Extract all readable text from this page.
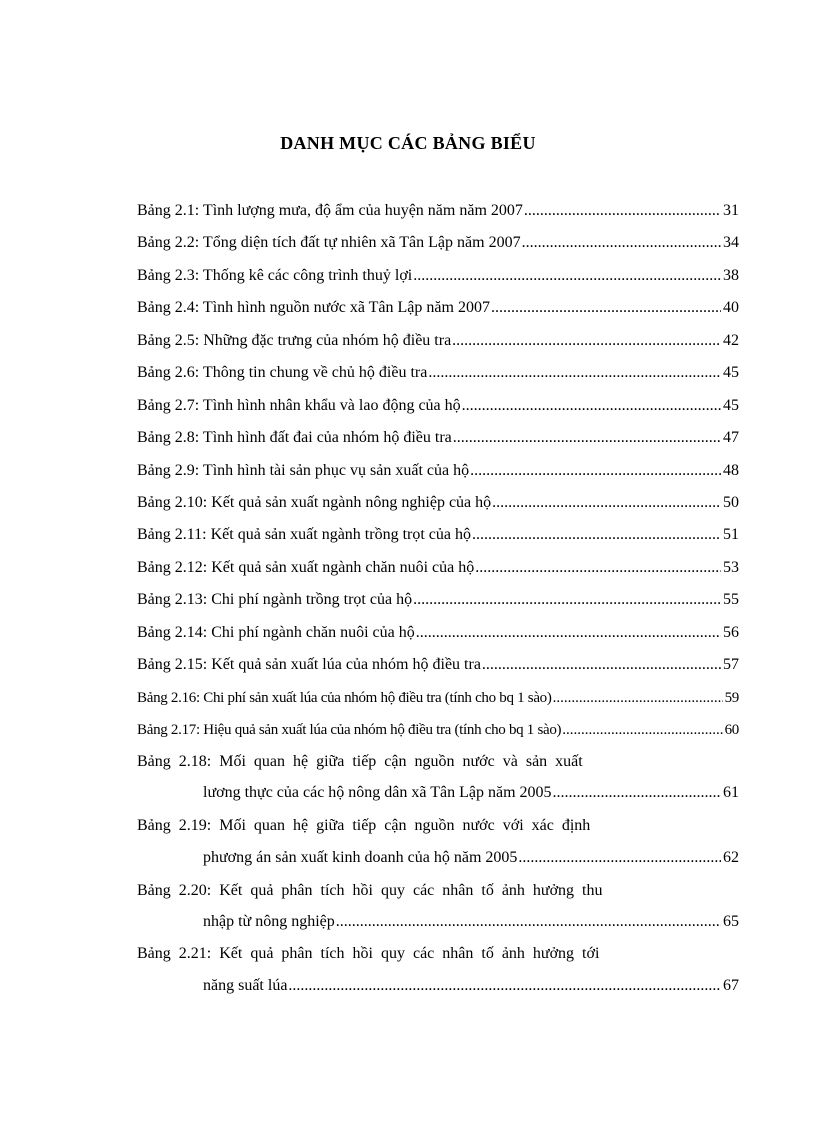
DANH MỤC CÁC BẢNG BIỂU
Bảng 2.1: Tình lượng mưa, độ ẩm của huyện năm năm 2007 .....	31
Bảng 2.2: Tổng diện tích đất tự nhiên xã Tân Lập năm 2007 .....	34
Bảng 2.3: Thống kê các công trình thuỷ lợi .....	38
Bảng 2.4: Tình hình nguồn nước xã Tân Lập năm 2007 .....	40
Bảng 2.5: Những đặc trưng của nhóm hộ điều tra .....	42
Bảng 2.6: Thông tin chung về chủ hộ điều tra .....	45
Bảng 2.7: Tình hình nhân khẩu và lao động của hộ .....	45
Bảng 2.8: Tình hình đất đai của nhóm hộ điều tra .....	47
Bảng 2.9: Tình hình tài sản phục vụ sản xuất của hộ .....	48
Bảng 2.10: Kết quả sản xuất ngành nông nghiệp của hộ .....	50
Bảng 2.11: Kết quả sản xuất ngành trồng trọt của hộ .....	51
Bảng 2.12: Kết quả sản xuất ngành chăn nuôi của hộ .....	53
Bảng 2.13: Chi phí ngành trồng trọt của hộ .....	55
Bảng 2.14: Chi phí ngành chăn nuôi của hộ .....	56
Bảng 2.15: Kết quả sản xuất lúa của nhóm hộ điều tra .....	57
Bảng 2.16: Chi phí sản xuất lúa của nhóm hộ điều tra (tính cho bq 1 sào) .....	59
Bảng 2.17: Hiệu quả sản xuất lúa của nhóm hộ điều tra (tính cho bq 1 sào) .....	60
Bảng 2.18: Mối quan hệ giữa tiếp cận nguồn nước và sản xuất
lương thực của các hộ nông dân xã Tân Lập năm 2005 .....	61
Bảng 2.19: Mối quan hệ giữa tiếp cận nguồn nước với xác định
phương án sản xuất kinh doanh của hộ năm 2005 .....	62
Bảng 2.20: Kết quả phân tích hồi quy các nhân tố ảnh hưởng thu
nhập từ nông nghiệp .....	65
Bảng 2.21: Kết quả phân tích hồi quy các nhân tố ảnh hưởng tới
năng suất lúa .....	67
